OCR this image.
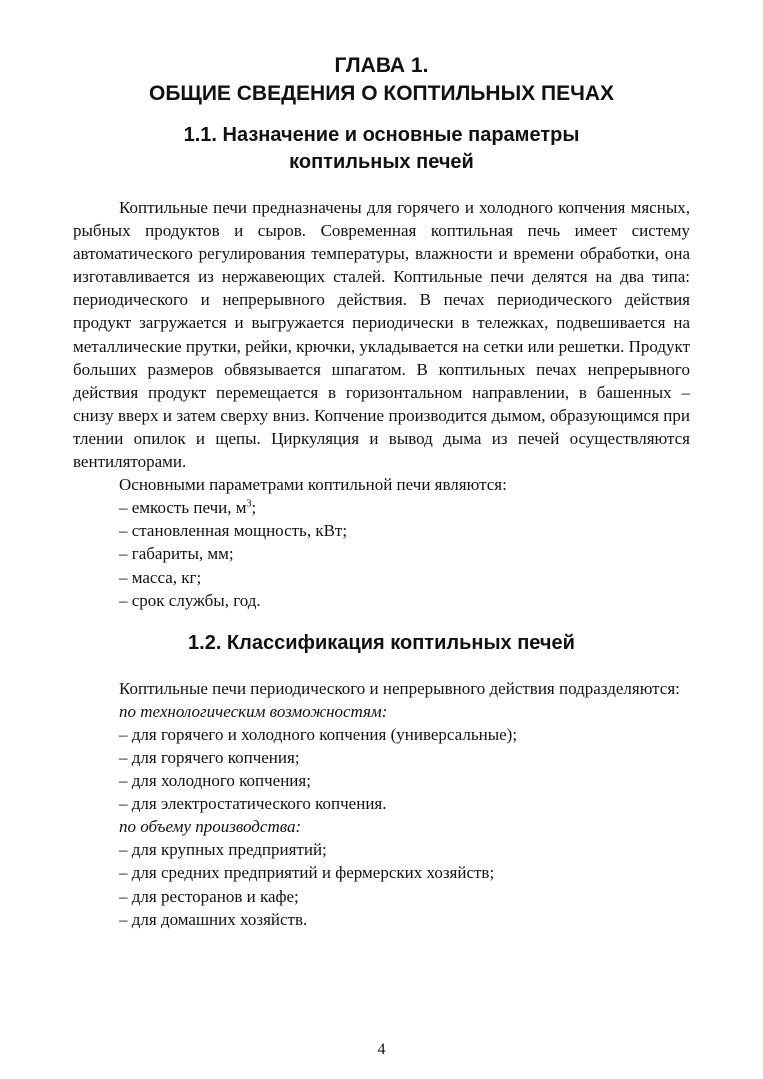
ГЛАВА 1.
ОБЩИЕ СВЕДЕНИЯ О КОПТИЛЬНЫХ ПЕЧАХ
1.1. Назначение и основные параметры
коптильных печей

Коптильные печи предназначены для горячего и холодного копчения мясных, рыбных продуктов и сыров. Современная коптильная печь имеет систему автоматического регулирования температуры, влажности и времени обработки, она изготавливается из нержавеющих сталей. Коптильные печи делятся на два типа: периодического и непрерывного действия. В печах периодического действия продукт загружается и выгружается периодически в тележках, подвешивается на металлические прутки, рейки, крючки, укладывается на сетки или решетки. Продукт больших размеров обвязывается шпагатом. В коптильных печах непрерывного действия продукт перемещается в горизонтальном направлении, в башенных – снизу вверх и затем сверху вниз. Копчение производится дымом, образующимся при тлении опилок и щепы. Циркуляция и вывод дыма из печей осуществляются вентиляторами.

Основными параметрами коптильной печи являются:

– емкость печи, $м^3$;

– становленная мощность, кВт;

– габариты, мм;

– масса, кг;

– срок службы, год.

1.2. Классификация коптильных печей

Коптильные печи периодического и непрерывного действия подразделяются:

по технологическим возможностям:

– для горячего и холодного копчения (универсальные);

– для горячего копчения;

– для холодного копчения;

– для электростатического копчения.

по объему производства:

– для крупных предприятий;

– для средних предприятий и фермерских хозяйств;

– для ресторанов и кафе;

– для домашних хозяйств.

4
